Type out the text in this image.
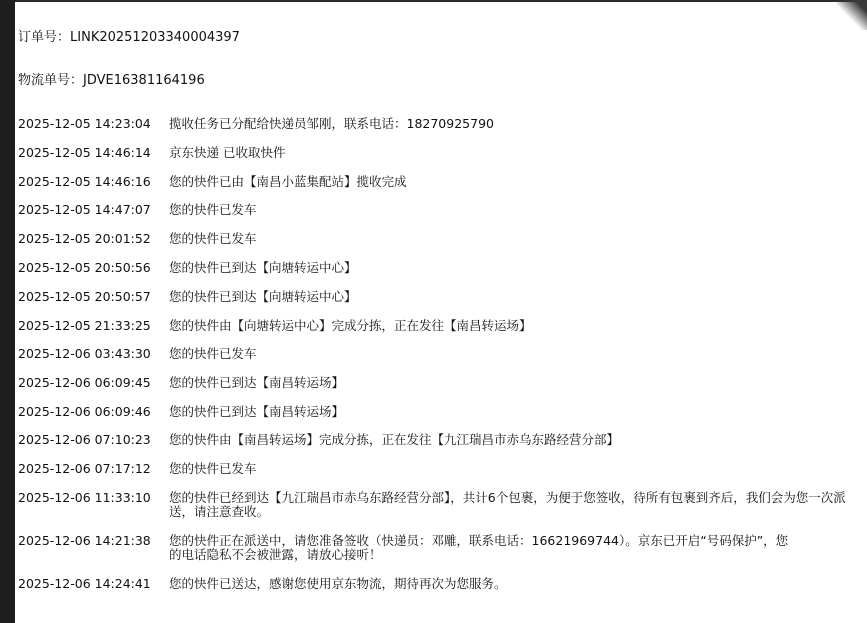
订单号：LINK20251203340004397
物流单号：JDVE16381164196
2025-12-05 14:23:04	揽收任务已分配给快递员邹刚，联系电话：18270925790
2025-12-05 14:46:14	京东快递 已收取快件
2025-12-05 14:46:16	您的快件已由【南昌小蓝集配站】揽收完成
2025-12-05 14:47:07	您的快件已发车
2025-12-05 20:01:52	您的快件已发车
2025-12-05 20:50:56	您的快件已到达【向塘转运中心】
2025-12-05 20:50:57	您的快件已到达【向塘转运中心】
2025-12-05 21:33:25	您的快件由【向塘转运中心】完成分拣，正在发往【南昌转运场】
2025-12-06 03:43:30	您的快件已发车
2025-12-06 06:09:45	您的快件已到达【南昌转运场】
2025-12-06 06:09:46	您的快件已到达【南昌转运场】
2025-12-06 07:10:23	您的快件由【南昌转运场】完成分拣，正在发往【九江瑞昌市赤乌东路经营分部】
2025-12-06 07:17:12	您的快件已发车
2025-12-06 11:33:10	您的快件已经到达【九江瑞昌市赤乌东路经营分部】，共计6个包裹，为便于您签收，待所有包裹到齐后，我们会为您一次派送，请注意查收。
2025-12-06 14:21:38	您的快件正在派送中，请您准备签收（快递员：邓雕，联系电话：16621969744）。京东已开启“号码保护”，您的电话隐私不会被泄露，请放心接听！
2025-12-06 14:24:41	您的快件已送达，感谢您使用京东物流，期待再次为您服务。
